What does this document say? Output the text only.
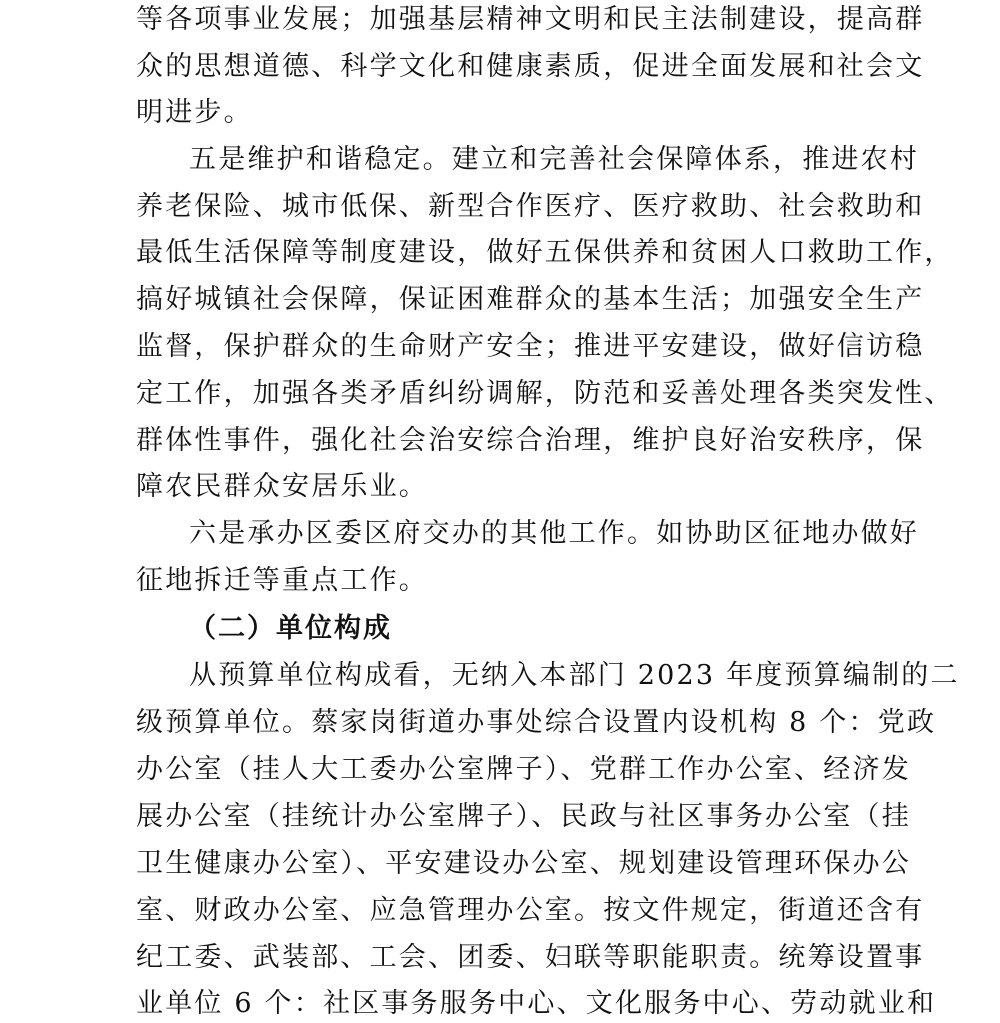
等各项事业发展；加强基层精神文明和民主法制建设，提高群

众的思想道德、科学文化和健康素质，促进全面发展和社会文

明进步。

五是维护和谐稳定。建立和完善社会保障体系，推进农村

养老保险、城市低保、新型合作医疗、医疗救助、社会救助和

最低生活保障等制度建设，做好五保供养和贫困人口救助工作，

搞好城镇社会保障，保证困难群众的基本生活；加强安全生产

监督，保护群众的生命财产安全；推进平安建设，做好信访稳

定工作，加强各类矛盾纠纷调解，防范和妥善处理各类突发性、

群体性事件，强化社会治安综合治理，维护良好治安秩序，保

障农民群众安居乐业。

六是承办区委区府交办的其他工作。如协助区征地办做好

征地拆迁等重点工作。

（二）单位构成

从预算单位构成看，无纳入本部门 2023 年度预算编制的二

级预算单位。蔡家岗街道办事处综合设置内设机构 8 个：党政

办公室（挂人大工委办公室牌子）、党群工作办公室、经济发

展办公室（挂统计办公室牌子）、民政与社区事务办公室（挂

卫生健康办公室）、平安建设办公室、规划建设管理环保办公

室、财政办公室、应急管理办公室。按文件规定，街道还含有

纪工委、武装部、工会、团委、妇联等职能职责。统筹设置事

业单位 6 个：社区事务服务中心、文化服务中心、劳动就业和
